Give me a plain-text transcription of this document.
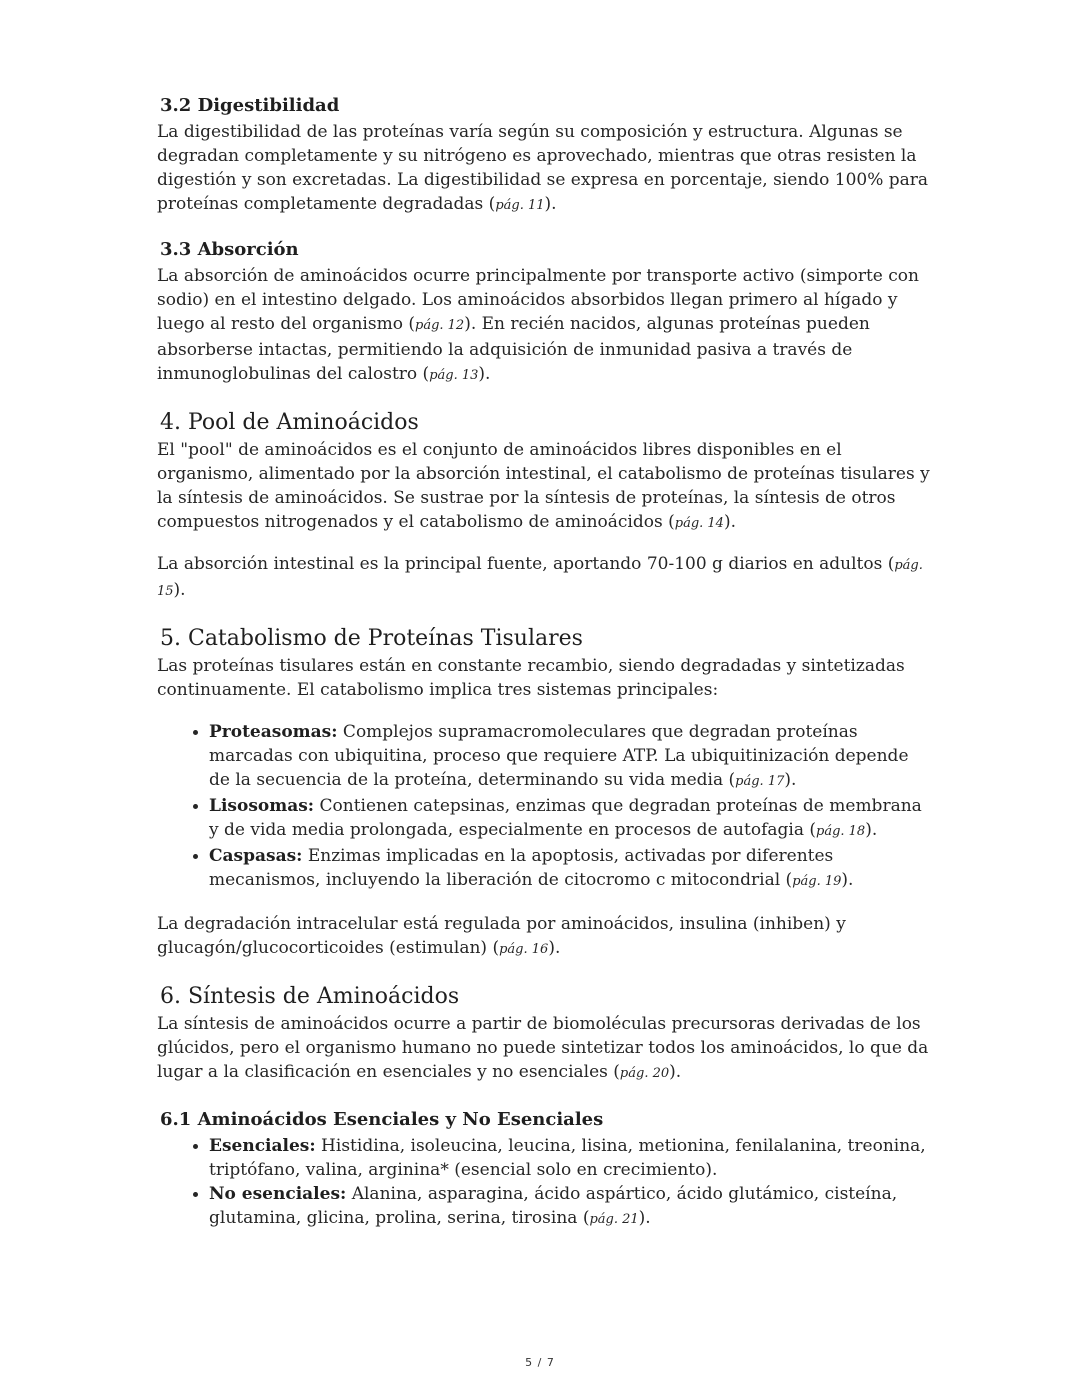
3.2 Digestibilidad

La digestibilidad de las proteínas varía según su composición y estructura. Algunas se degradan completamente y su nitrógeno es aprovechado, mientras que otras resisten la digestión y son excretadas. La digestibilidad se expresa en porcentaje, siendo 100% para proteínas completamente degradadas (pág. 11).

3.3 Absorción

La absorción de aminoácidos ocurre principalmente por transporte activo (simporte con sodio) en el intestino delgado. Los aminoácidos absorbidos llegan primero al hígado y luego al resto del organismo (pág. 12). En recién nacidos, algunas proteínas pueden absorberse intactas, permitiendo la adquisición de inmunidad pasiva a través de inmunoglobulinas del calostro (pág. 13).

4. Pool de Aminoácidos

El "pool" de aminoácidos es el conjunto de aminoácidos libres disponibles en el organismo, alimentado por la absorción intestinal, el catabolismo de proteínas tisulares y la síntesis de aminoácidos. Se sustrae por la síntesis de proteínas, la síntesis de otros compuestos nitrogenados y el catabolismo de aminoácidos (pág. 14).

La absorción intestinal es la principal fuente, aportando 70-100 g diarios en adultos (pág. 15).

5. Catabolismo de Proteínas Tisulares

Las proteínas tisulares están en constante recambio, siendo degradadas y sintetizadas continuamente. El catabolismo implica tres sistemas principales:

• Proteasomas: Complejos supramacromoleculares que degradan proteínas marcadas con ubiquitina, proceso que requiere ATP. La ubiquitinización depende de la secuencia de la proteína, determinando su vida media (pág. 17).
• Lisosomas: Contienen catepsinas, enzimas que degradan proteínas de membrana y de vida media prolongada, especialmente en procesos de autofagia (pág. 18).
• Caspasas: Enzimas implicadas en la apoptosis, activadas por diferentes mecanismos, incluyendo la liberación de citocromo c mitocondrial (pág. 19).

La degradación intracelular está regulada por aminoácidos, insulina (inhiben) y glucagón/glucocorticoides (estimulan) (pág. 16).

6. Síntesis de Aminoácidos

La síntesis de aminoácidos ocurre a partir de biomoléculas precursoras derivadas de los glúcidos, pero el organismo humano no puede sintetizar todos los aminoácidos, lo que da lugar a la clasificación en esenciales y no esenciales (pág. 20).

6.1 Aminoácidos Esenciales y No Esenciales
• Esenciales: Histidina, isoleucina, leucina, lisina, metionina, fenilalanina, treonina, triptófano, valina, arginina* (esencial solo en crecimiento).
• No esenciales: Alanina, asparagina, ácido aspártico, ácido glutámico, cisteína, glutamina, glicina, prolina, serina, tirosina (pág. 21).
5 / 7
